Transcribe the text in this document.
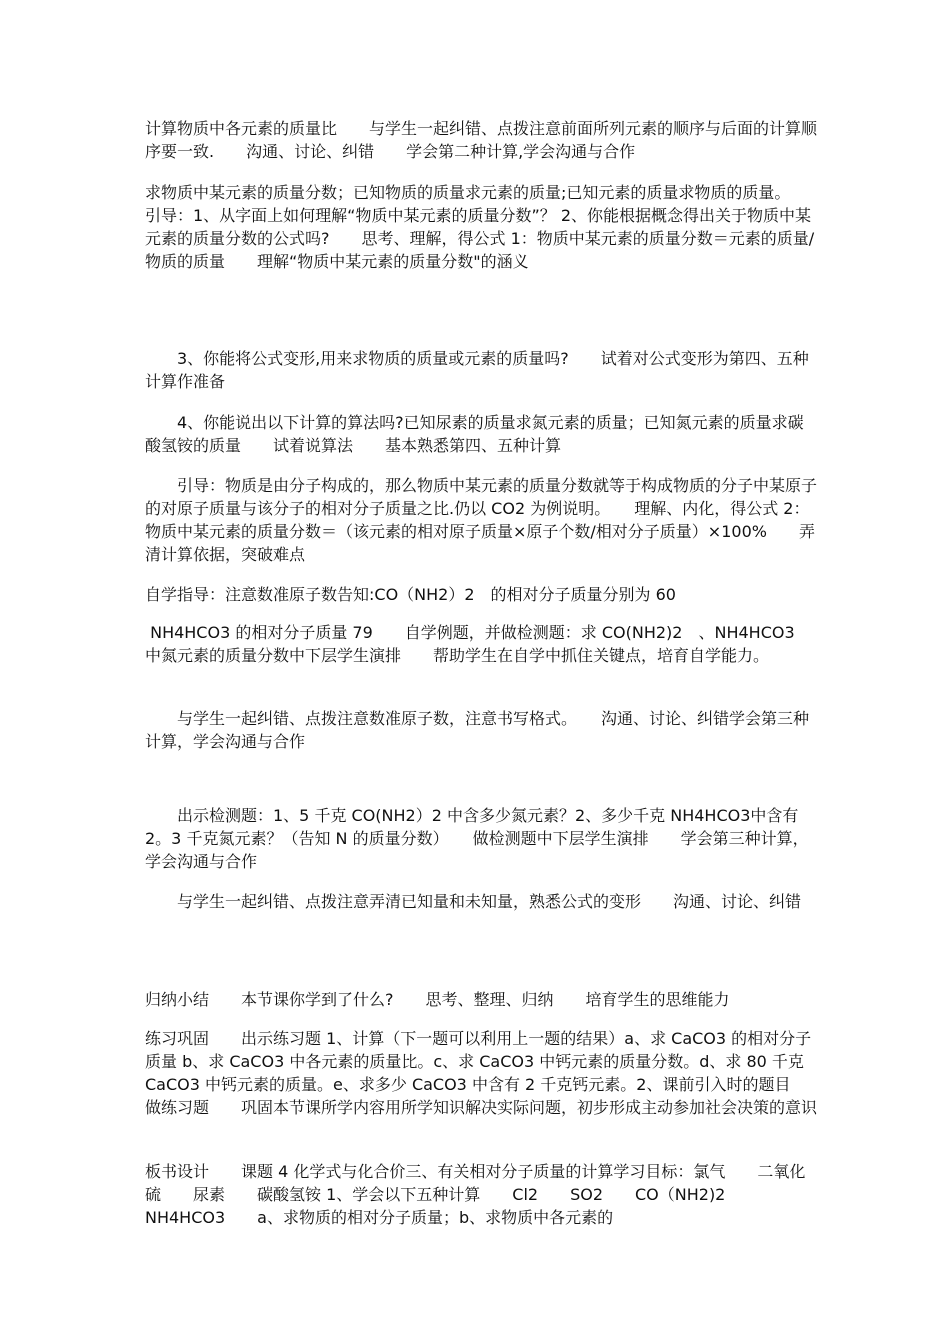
计算物质中各元素的质量比　　与学生一起纠错、点拨注意前面所列元素的顺序与后面的计算顺序要一致.　　沟通、讨论、纠错　　学会第二种计算,学会沟通与合作

求物质中某元素的质量分数；已知物质的质量求元素的质量;已知元素的质量求物质的质量。　　引导：1、从字面上如何理解“物质中某元素的质量分数”？ 2、你能根据概念得出关于物质中某元素的质量分数的公式吗?　　思考、理解，得公式 1：物质中某元素的质量分数＝元素的质量/物质的质量　　理解“物质中某元素的质量分数"的涵义

　　3、你能将公式变形,用来求物质的质量或元素的质量吗?　　试着对公式变形为第四、五种计算作准备

　　4、你能说出以下计算的算法吗?已知尿素的质量求氮元素的质量；已知氮元素的质量求碳酸氢铵的质量　　试着说算法　　基本熟悉第四、五种计算

　　引导：物质是由分子构成的，那么物质中某元素的质量分数就等于构成物质的分子中某原子的对原子质量与该分子的相对分子质量之比.仍以 CO2 为例说明。　　理解、内化，得公式 2：物质中某元素的质量分数＝（该元素的相对原子质量×原子个数/相对分子质量）×100%　　弄清计算依据，突破难点

自学指导：注意数准原子数告知:CO（NH2）2　的相对分子质量分别为 60

NH4HCO3 的相对分子质量 79　　自学例题，并做检测题：求 CO(NH2)2　、NH4HCO3　中氮元素的质量分数中下层学生演排　　帮助学生在自学中抓住关键点，培育自学能力。

　　与学生一起纠错、点拨注意数准原子数，注意书写格式。　　沟通、讨论、纠错学会第三种计算，学会沟通与合作

　　出示检测题：1、5 千克 CO(NH2）2 中含多少氮元素？2、多少千克 NH4HCO3中含有 2。3 千克氮元素？（告知 N 的质量分数）　　做检测题中下层学生演排　　学会第三种计算，学会沟通与合作

　　与学生一起纠错、点拨注意弄清已知量和未知量，熟悉公式的变形　　沟通、讨论、纠错

归纳小结　　本节课你学到了什么?　　思考、整理、归纳　　培育学生的思维能力

练习巩固　　出示练习题 1、计算（下一题可以利用上一题的结果）a、求 CaCO3 的相对分子质量 b、求 CaCO3 中各元素的质量比。c、求 CaCO3 中钙元素的质量分数。d、求 80 千克 CaCO3 中钙元素的质量。e、求多少 CaCO3 中含有 2 千克钙元素。2、课前引入时的题目　　做练习题　　巩固本节课所学内容用所学知识解决实际问题，初步形成主动参加社会决策的意识

板书设计　　课题 4 化学式与化合价三、有关相对分子质量的计算学习目标：氯气　　二氧化硫　　尿素　　碳酸氢铵 1、学会以下五种计算　　Cl2　　SO2　　CO（NH2)2　　NH4HCO3　　a、求物质的相对分子质量；b、求物质中各元素的
